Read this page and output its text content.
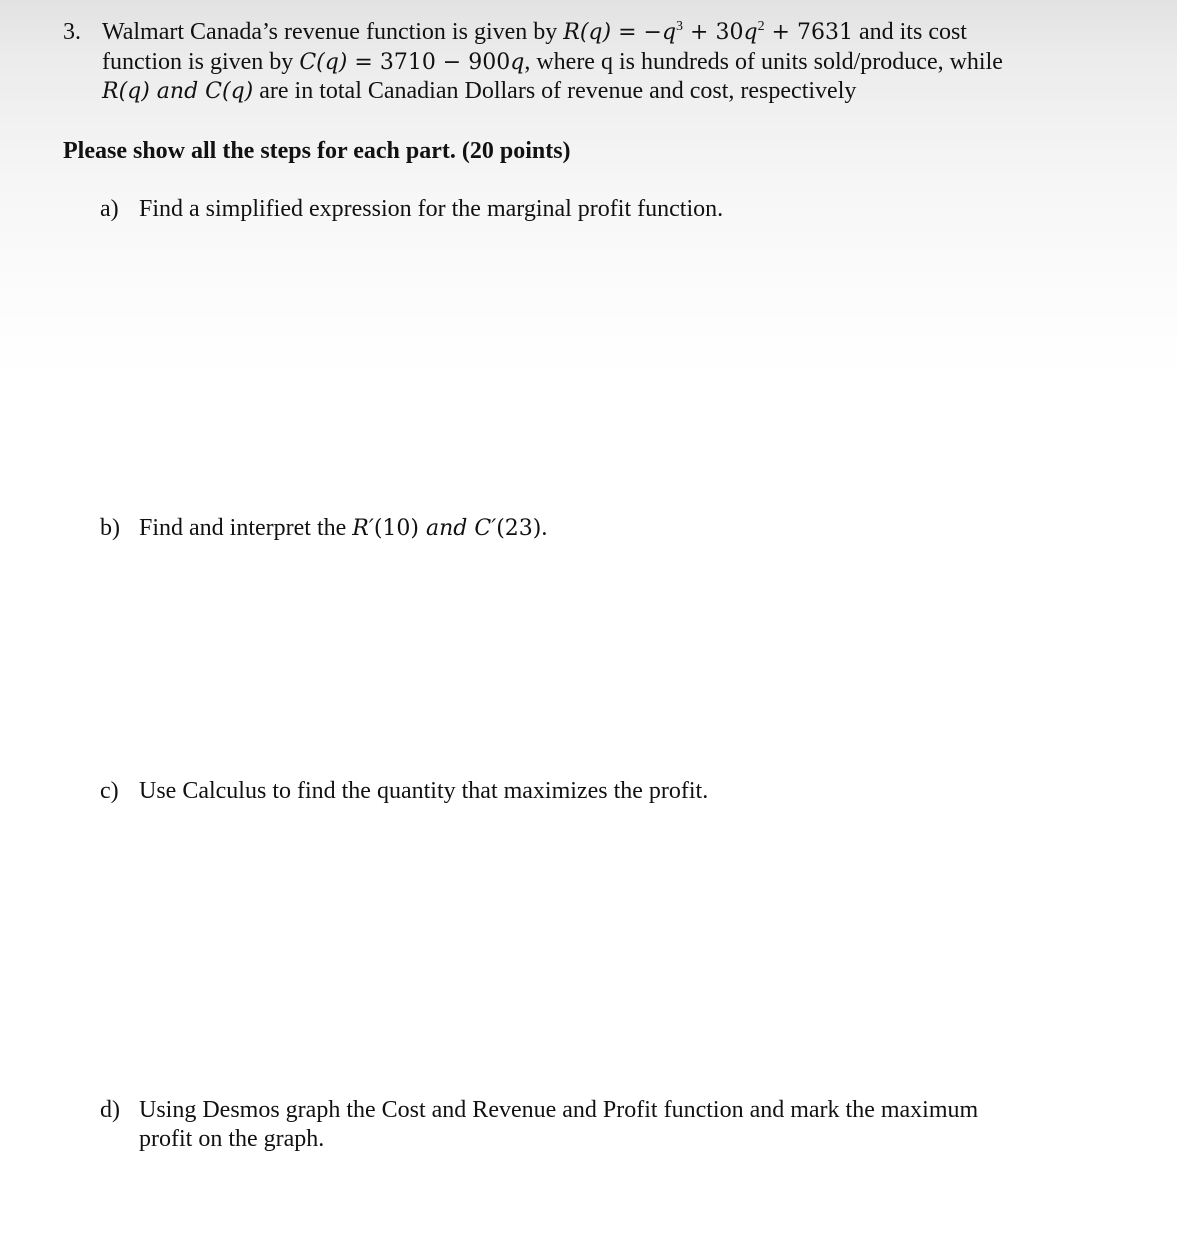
3. Walmart Canada’s revenue function is given by $R(q) = -q^3 + 30q^2 + 7631$ and its cost
function is given by C(q) = 3710 − 900q, where q is hundreds of units sold/produce, while
R(q) and C(q) are in total Canadian Dollars of revenue and cost, respectively
Please show all the steps for each part. (20 points)
a) Find a simplified expression for the marginal profit function.
b) Find and interpret the R′(10) and C′(23).
c) Use Calculus to find the quantity that maximizes the profit.
d) Using Desmos graph the Cost and Revenue and Profit function and mark the maximum
profit on the graph.
